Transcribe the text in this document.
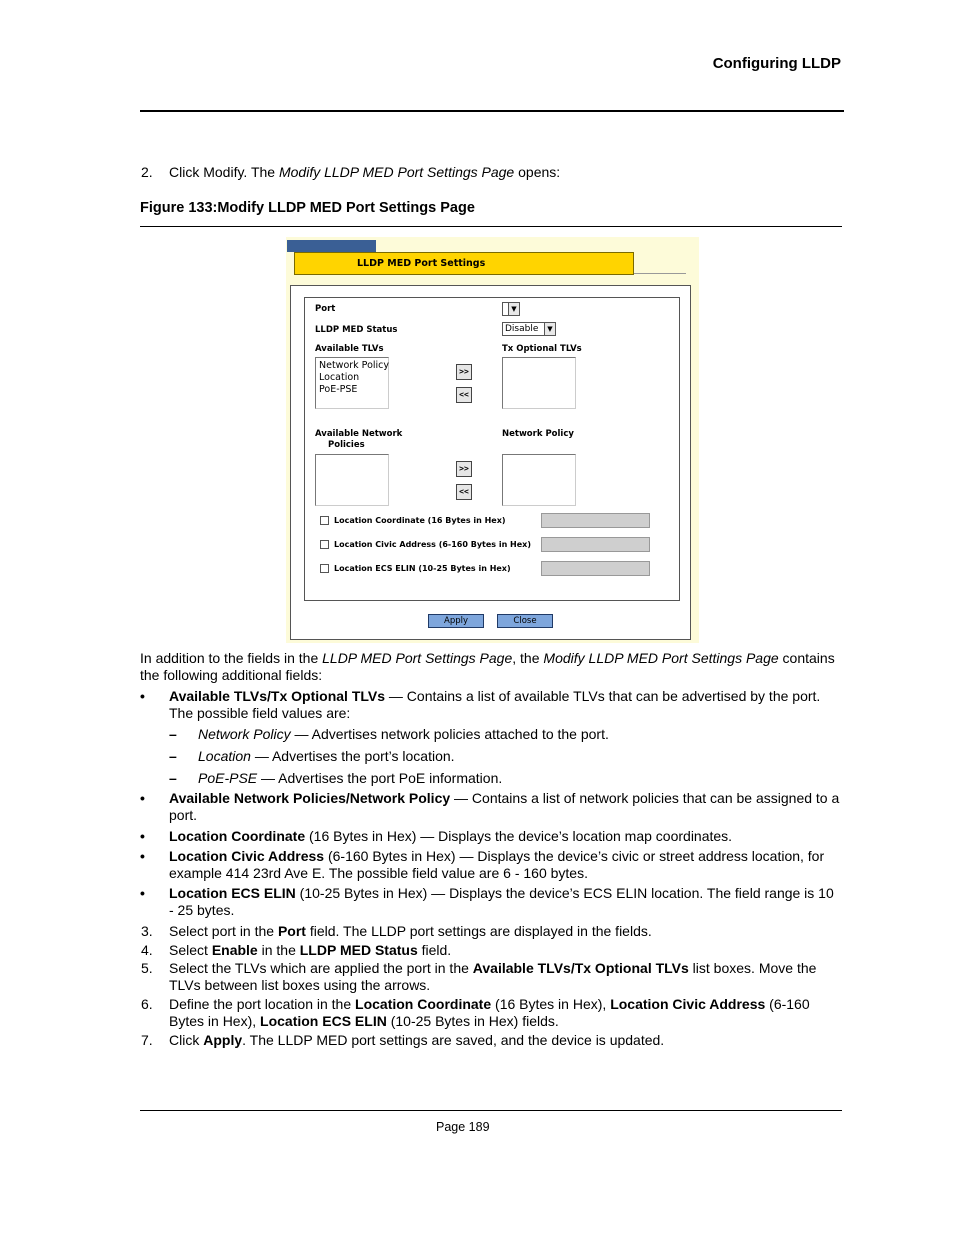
Configuring LLDP
2. Click Modify. The Modify LLDP MED Port Settings Page opens:
Figure 133:Modify LLDP MED Port Settings Page
LLDP MED Port Settings
Port	▼
LLDP MED Status	Disable	▼
Available TLVs	Tx Optional TLVs
Network Policy
Location
PoE-PSE
>>
<<
Available Network
Policies
Network Policy
>>
<<
Location Coordinate (16 Bytes in Hex)
Location Civic Address (6-160 Bytes in Hex)
Location ECS ELIN (10-25 Bytes in Hex)
Apply	Close
In addition to the fields in the LLDP MED Port Settings Page, the Modify LLDP MED Port Settings Page contains the following additional fields:
• Available TLVs/Tx Optional TLVs — Contains a list of available TLVs that can be advertised by the port. The possible field values are:
– Network Policy — Advertises network policies attached to the port.
– Location — Advertises the port’s location.
– PoE-PSE — Advertises the port PoE information.
• Available Network Policies/Network Policy — Contains a list of network policies that can be assigned to a port.
• Location Coordinate (16 Bytes in Hex) — Displays the device’s location map coordinates.
• Location Civic Address (6-160 Bytes in Hex) — Displays the device’s civic or street address location, for example 414 23rd Ave E. The possible field value are 6 - 160 bytes.
• Location ECS ELIN (10-25 Bytes in Hex) — Displays the device’s ECS ELIN location. The field range is 10 - 25 bytes.
3. Select port in the Port field. The LLDP port settings are displayed in the fields.
4. Select Enable in the LLDP MED Status field.
5. Select the TLVs which are applied the port in the Available TLVs/Tx Optional TLVs list boxes. Move the TLVs between list boxes using the arrows.
6. Define the port location in the Location Coordinate (16 Bytes in Hex), Location Civic Address (6-160 Bytes in Hex), Location ECS ELIN (10-25 Bytes in Hex) fields.
7. Click Apply. The LLDP MED port settings are saved, and the device is updated.
Page 189
